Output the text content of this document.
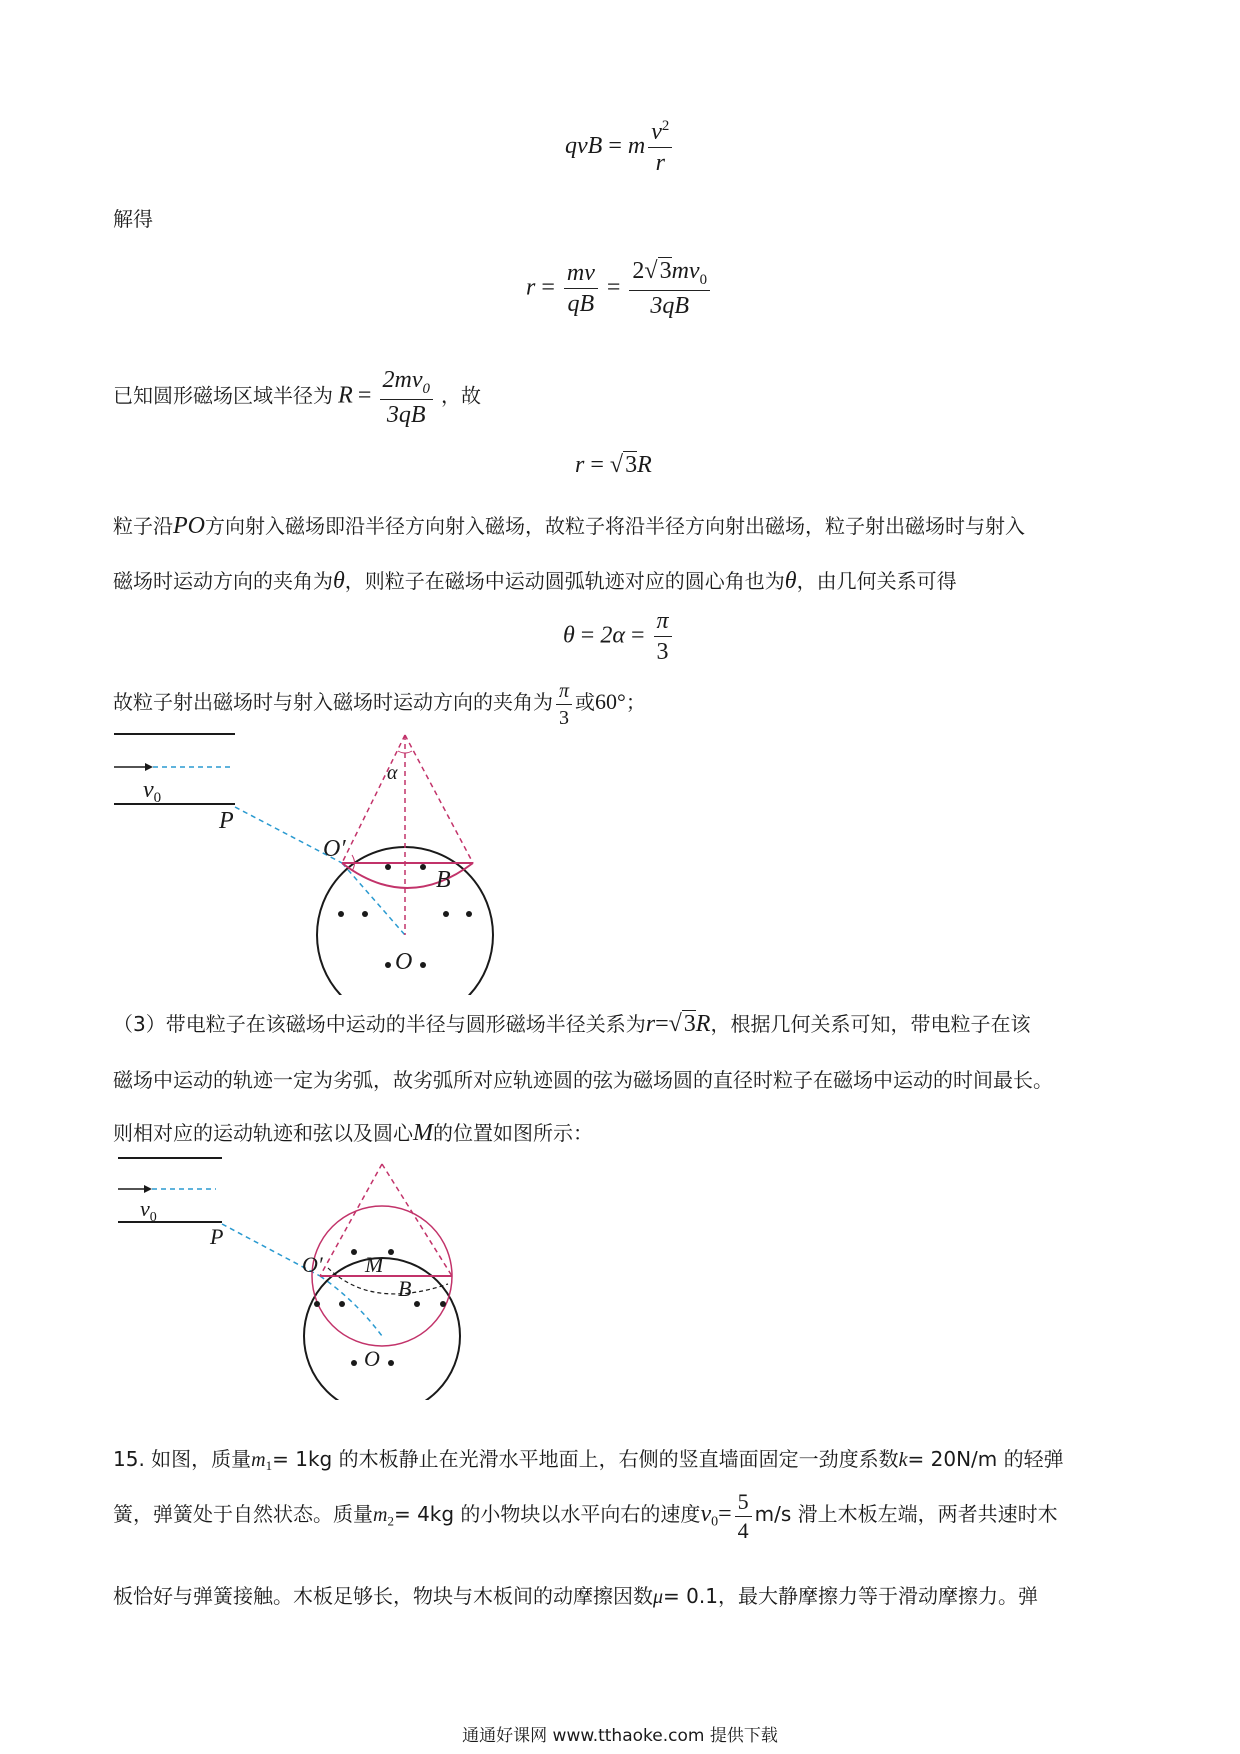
qvB = m $\frac{v^2}{r}$
解得
$r = \frac{mv}{qB} = \frac{2√3mv_0}{3qB}$
已知圆形磁场区域半径为 $R = \frac{2mv_0}{3qB}$ ，故
r = √3R
粒子沿PO方向射入磁场即沿半径方向射入磁场，故粒子将沿半径方向射出磁场，粒子射出磁场时与射入
磁场时运动方向的夹角为θ，则粒子在磁场中运动圆弧轨迹对应的圆心角也为θ，由几何关系可得
$\theta = 2\alpha = \frac{\pi}{3}$
故粒子射出磁场时与射入磁场时运动方向的夹角为 $\frac{\pi}{3}$ 或60°；
$v_0$
P
α
O′
B
O
（3）带电粒子在该磁场中运动的半径与圆形磁场半径关系为r=√3R，根据几何关系可知，带电粒子在该
磁场中运动的轨迹一定为劣弧，故劣弧所对应轨迹圆的弦为磁场圆的直径时粒子在磁场中运动的时间最长。
则相对应的运动轨迹和弦以及圆心M的位置如图所示：
$v_0$
P
O′ M
B
O
15. 如图，质量$m_1= 1kg$ 的木板静止在光滑水平地面上，右侧的竖直墙面固定一劲度系数k= 20N/m 的轻弹
簧，弹簧处于自然状态。质量$m_2= 4kg$ 的小物块以水平向右的速度$v_0= \frac{5}{4} m/s$ 滑上木板左端，两者共速时木
板恰好与弹簧接触。木板足够长，物块与木板间的动摩擦因数μ= 0.1，最大静摩擦力等于滑动摩擦力。弹
通通好课网 www.tthaoke.com 提供下载
